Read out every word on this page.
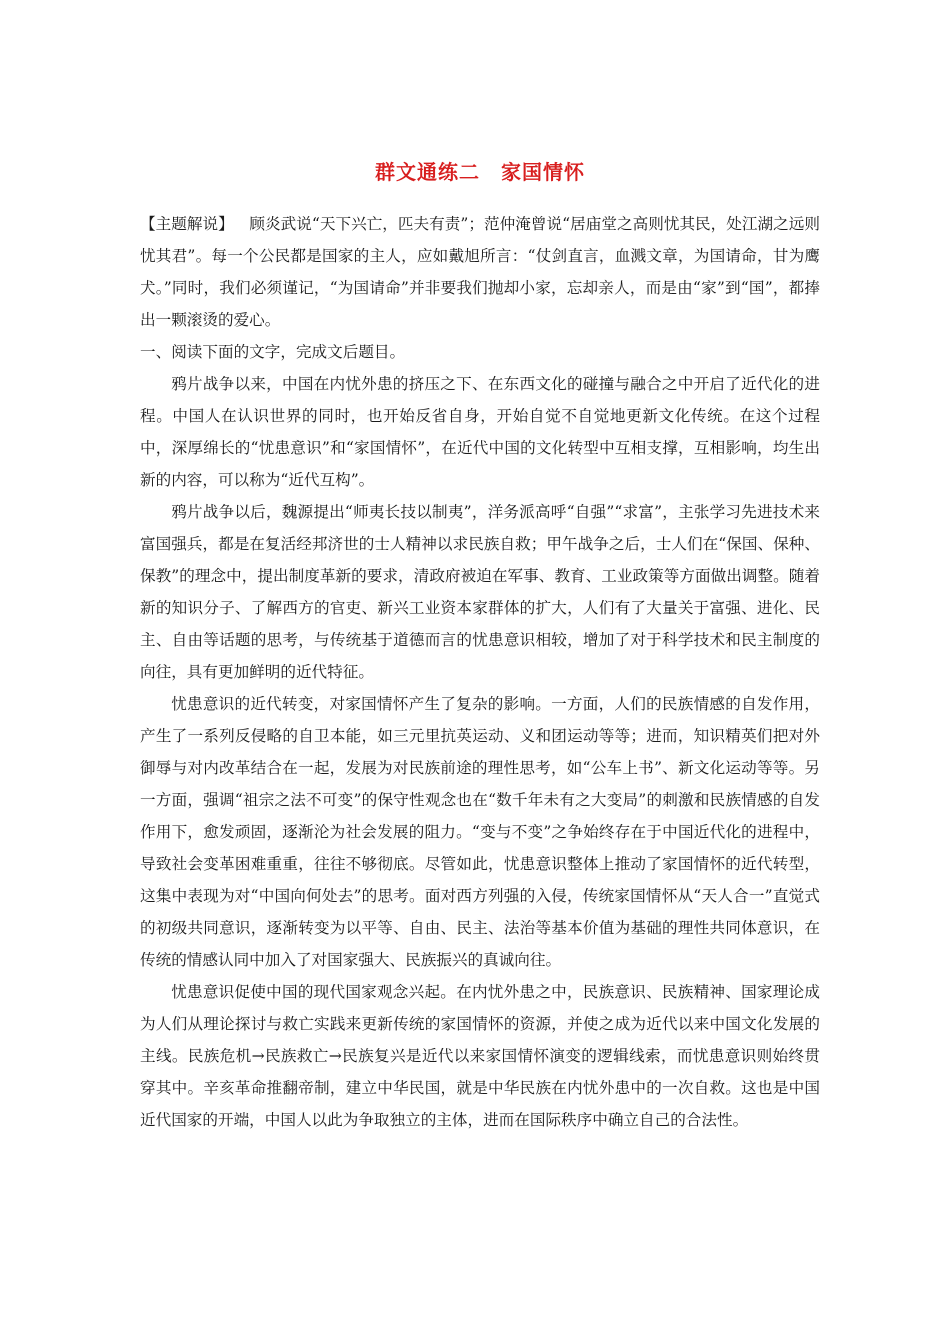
群文通练二　家国情怀

【主题解说】  顾炎武说“天下兴亡，匹夫有责”；范仲淹曾说“居庙堂之高则忧其民，处江湖之远则忧其君”。每一个公民都是国家的主人，应如戴旭所言：“仗剑直言，血溅文章，为国请命，甘为鹰犬。”同时，我们必须谨记，“为国请命”并非要我们抛却小家，忘却亲人，而是由“家”到“国”，都捧出一颗滚烫的爱心。

一、阅读下面的文字，完成文后题目。

鸦片战争以来，中国在内忧外患的挤压之下、在东西文化的碰撞与融合之中开启了近代化的进程。中国人在认识世界的同时，也开始反省自身，开始自觉不自觉地更新文化传统。在这个过程中，深厚绵长的“忧患意识”和“家国情怀”，在近代中国的文化转型中互相支撑，互相影响，均生出新的内容，可以称为“近代互构”。

鸦片战争以后，魏源提出“师夷长技以制夷”，洋务派高呼“自强”“求富”，主张学习先进技术来富国强兵，都是在复活经邦济世的士人精神以求民族自救；甲午战争之后，士人们在“保国、保种、保教”的理念中，提出制度革新的要求，清政府被迫在军事、教育、工业政策等方面做出调整。随着新的知识分子、了解西方的官吏、新兴工业资本家群体的扩大，人们有了大量关于富强、进化、民主、自由等话题的思考，与传统基于道德而言的忧患意识相较，增加了对于科学技术和民主制度的向往，具有更加鲜明的近代特征。

忧患意识的近代转变，对家国情怀产生了复杂的影响。一方面，人们的民族情感的自发作用，产生了一系列反侵略的自卫本能，如三元里抗英运动、义和团运动等等；进而，知识精英们把对外御辱与对内改革结合在一起，发展为对民族前途的理性思考，如“公车上书”、新文化运动等等。另一方面，强调“祖宗之法不可变”的保守性观念也在“数千年未有之大变局”的刺激和民族情感的自发作用下，愈发顽固，逐渐沦为社会发展的阻力。“变与不变”之争始终存在于中国近代化的进程中，导致社会变革困难重重，往往不够彻底。尽管如此，忧患意识整体上推动了家国情怀的近代转型，这集中表现为对“中国向何处去”的思考。面对西方列强的入侵，传统家国情怀从“天人合一”直觉式的初级共同意识，逐渐转变为以平等、自由、民主、法治等基本价值为基础的理性共同体意识，在传统的情感认同中加入了对国家强大、民族振兴的真诚向往。

忧患意识促使中国的现代国家观念兴起。在内忧外患之中，民族意识、民族精神、国家理论成为人们从理论探讨与救亡实践来更新传统的家国情怀的资源，并使之成为近代以来中国文化发展的主线。民族危机→民族救亡→民族复兴是近代以来家国情怀演变的逻辑线索，而忧患意识则始终贯穿其中。辛亥革命推翻帝制，建立中华民国，就是中华民族在内忧外患中的一次自救。这也是中国近代国家的开端，中国人以此为争取独立的主体，进而在国际秩序中确立自己的合法性。
